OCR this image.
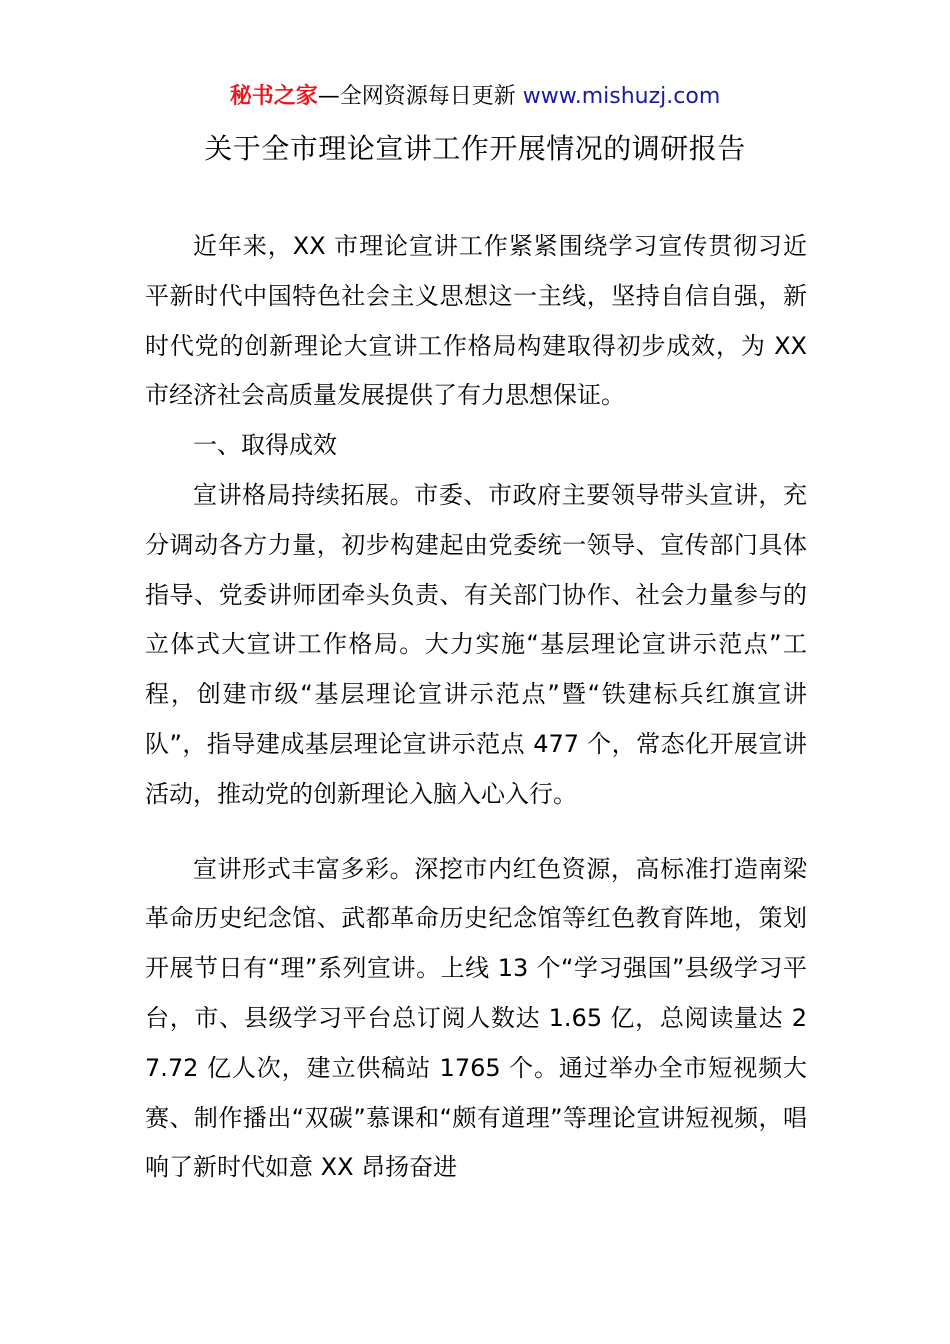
秘书之家—全网资源每日更新 www.mishuzj.com
关于全市理论宣讲工作开展情况的调研报告

近年来，XX 市理论宣讲工作紧紧围绕学习宣传贯彻习近平新时代中国特色社会主义思想这一主线，坚持自信自强，新时代党的创新理论大宣讲工作格局构建取得初步成效，为 XX 市经济社会高质量发展提供了有力思想保证。

一、取得成效

宣讲格局持续拓展。市委、市政府主要领导带头宣讲，充分调动各方力量，初步构建起由党委统一领导、宣传部门具体指导、党委讲师团牵头负责、有关部门协作、社会力量参与的立体式大宣讲工作格局。大力实施“基层理论宣讲示范点”工程，创建市级“基层理论宣讲示范点”暨“铁建标兵红旗宣讲队”，指导建成基层理论宣讲示范点 477 个，常态化开展宣讲活动，推动党的创新理论入脑入心入行。

宣讲形式丰富多彩。深挖市内红色资源，高标准打造南梁革命历史纪念馆、武都革命历史纪念馆等红色教育阵地，策划开展节日有“理”系列宣讲。上线 13 个“学习强国”县级学习平台，市、县级学习平台总订阅人数达 1.65 亿，总阅读量达 27.72 亿人次，建立供稿站 1765 个。通过举办全市短视频大赛、制作播出“双碳”慕课和“颇有道理”等理论宣讲短视频，唱响了新时代如意 XX 昂扬奋进
